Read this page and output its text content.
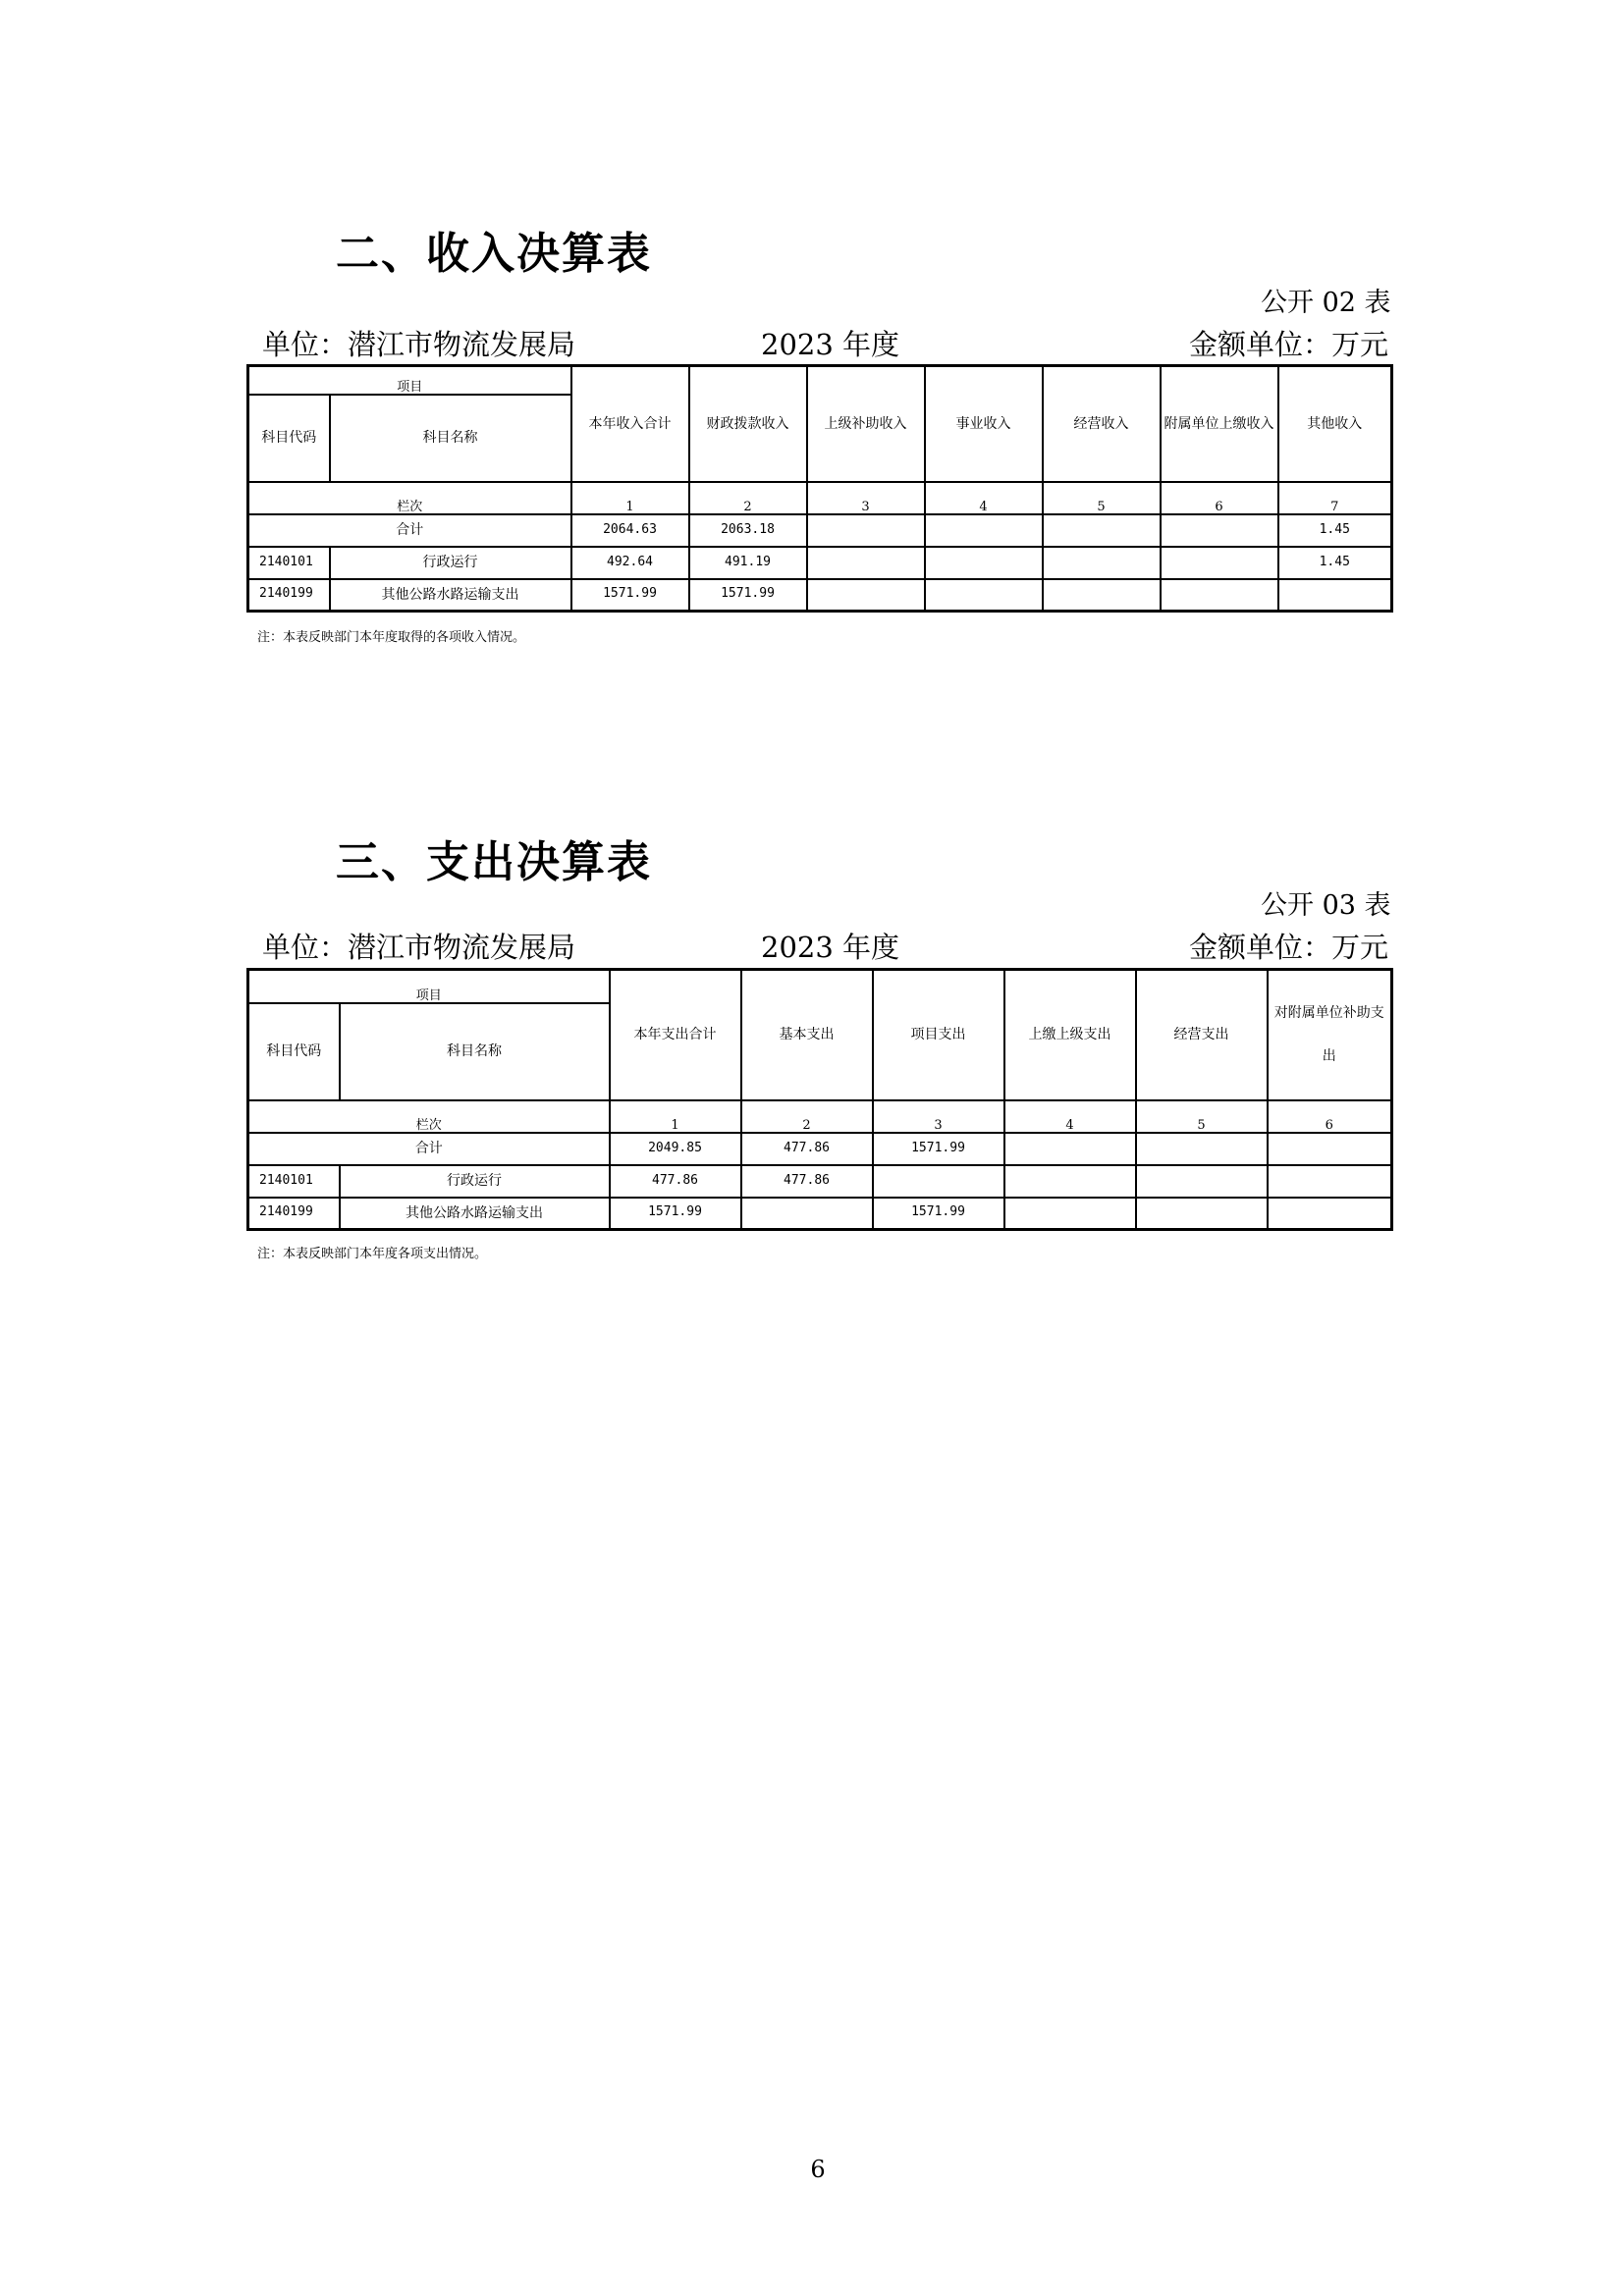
二、收入决算表
公开 02 表
单位：潜江市物流发展局	2023 年度	金额单位：万元
项目		本年收入合计	财政拨款收入	上级补助收入	事业收入	经营收入	附属单位上缴收入	其他收入
科目代码	科目名称							
栏次		1	2	3	4	5	6	7
合计		2064.63	2063.18					1.45
2140101	行政运行	492.64	491.19					1.45
2140199	其他公路水路运输支出	1571.99	1571.99					
注：本表反映部门本年度取得的各项收入情况。
三、支出决算表
公开 03 表
单位：潜江市物流发展局	2023 年度	金额单位：万元
项目		本年支出合计	基本支出	项目支出	上缴上级支出	经营支出	对附属单位补助支出
科目代码	科目名称						
栏次		1	2	3	4	5	6
合计		2049.85	477.86	1571.99			
2140101	行政运行	477.86	477.86				
2140199	其他公路水路运输支出	1571.99		1571.99			
注：本表反映部门本年度各项支出情况。
6
